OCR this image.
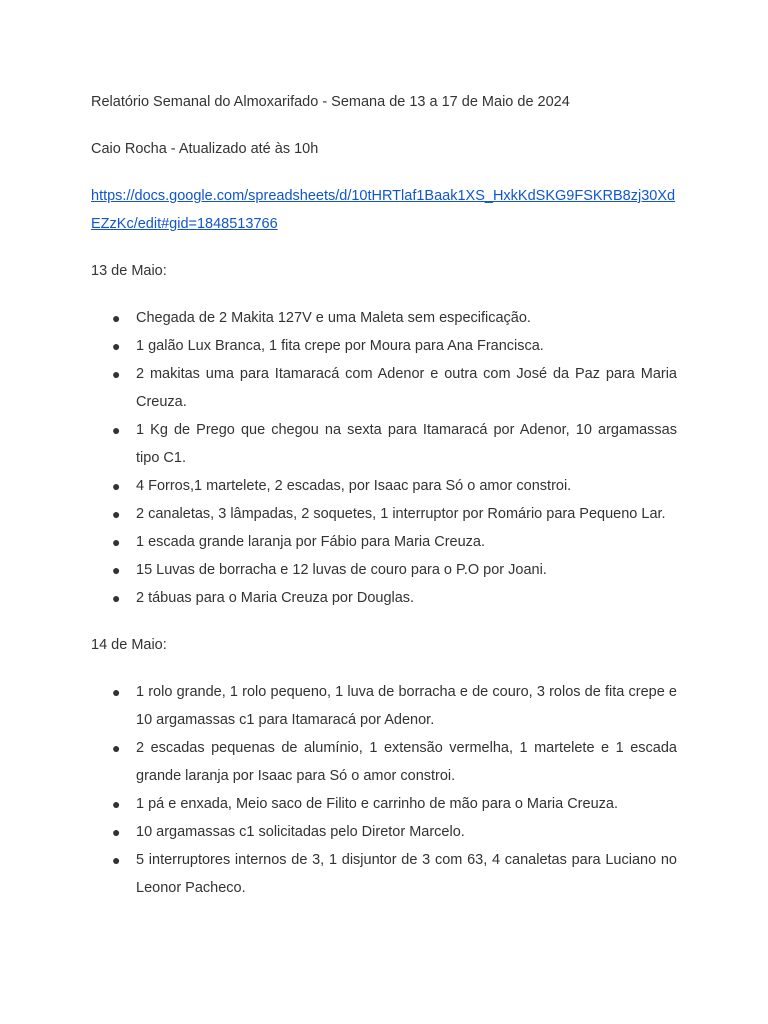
Relatório Semanal do Almoxarifado - Semana de 13 a 17 de Maio de 2024

Caio Rocha - Atualizado até às 10h

https://docs.google.com/spreadsheets/d/10tHRTlaf1Baak1XS_HxkKdSKG9FSKRB8zj30XdEZzKc/edit#gid=1848513766

13 de Maio:

● Chegada de 2 Makita 127V e uma Maleta sem especificação.
● 1 galão Lux Branca, 1 fita crepe por Moura para Ana Francisca.
● 2 makitas uma para Itamaracá com Adenor e outra com José da Paz para Maria Creuza.
● 1 Kg de Prego que chegou na sexta para Itamaracá por Adenor, 10 argamassas tipo C1.
● 4 Forros,1 martelete, 2 escadas, por Isaac para Só o amor constroi.
● 2 canaletas, 3 lâmpadas, 2 soquetes, 1 interruptor por Romário para Pequeno Lar.
● 1 escada grande laranja por Fábio para Maria Creuza.
● 15 Luvas de borracha e 12 luvas de couro para o P.O por Joani.
● 2 tábuas para o Maria Creuza por Douglas.

14 de Maio:

● 1 rolo grande, 1 rolo pequeno, 1 luva de borracha e de couro, 3 rolos de fita crepe e 10 argamassas c1 para Itamaracá por Adenor.
● 2 escadas pequenas de alumínio, 1 extensão vermelha, 1 martelete e 1 escada grande laranja por Isaac para Só o amor constroi.
● 1 pá e enxada, Meio saco de Filito e carrinho de mão para o Maria Creuza.
● 10 argamassas c1 solicitadas pelo Diretor Marcelo.
● 5 interruptores internos de 3, 1 disjuntor de 3 com 63, 4 canaletas para Luciano no Leonor Pacheco.
